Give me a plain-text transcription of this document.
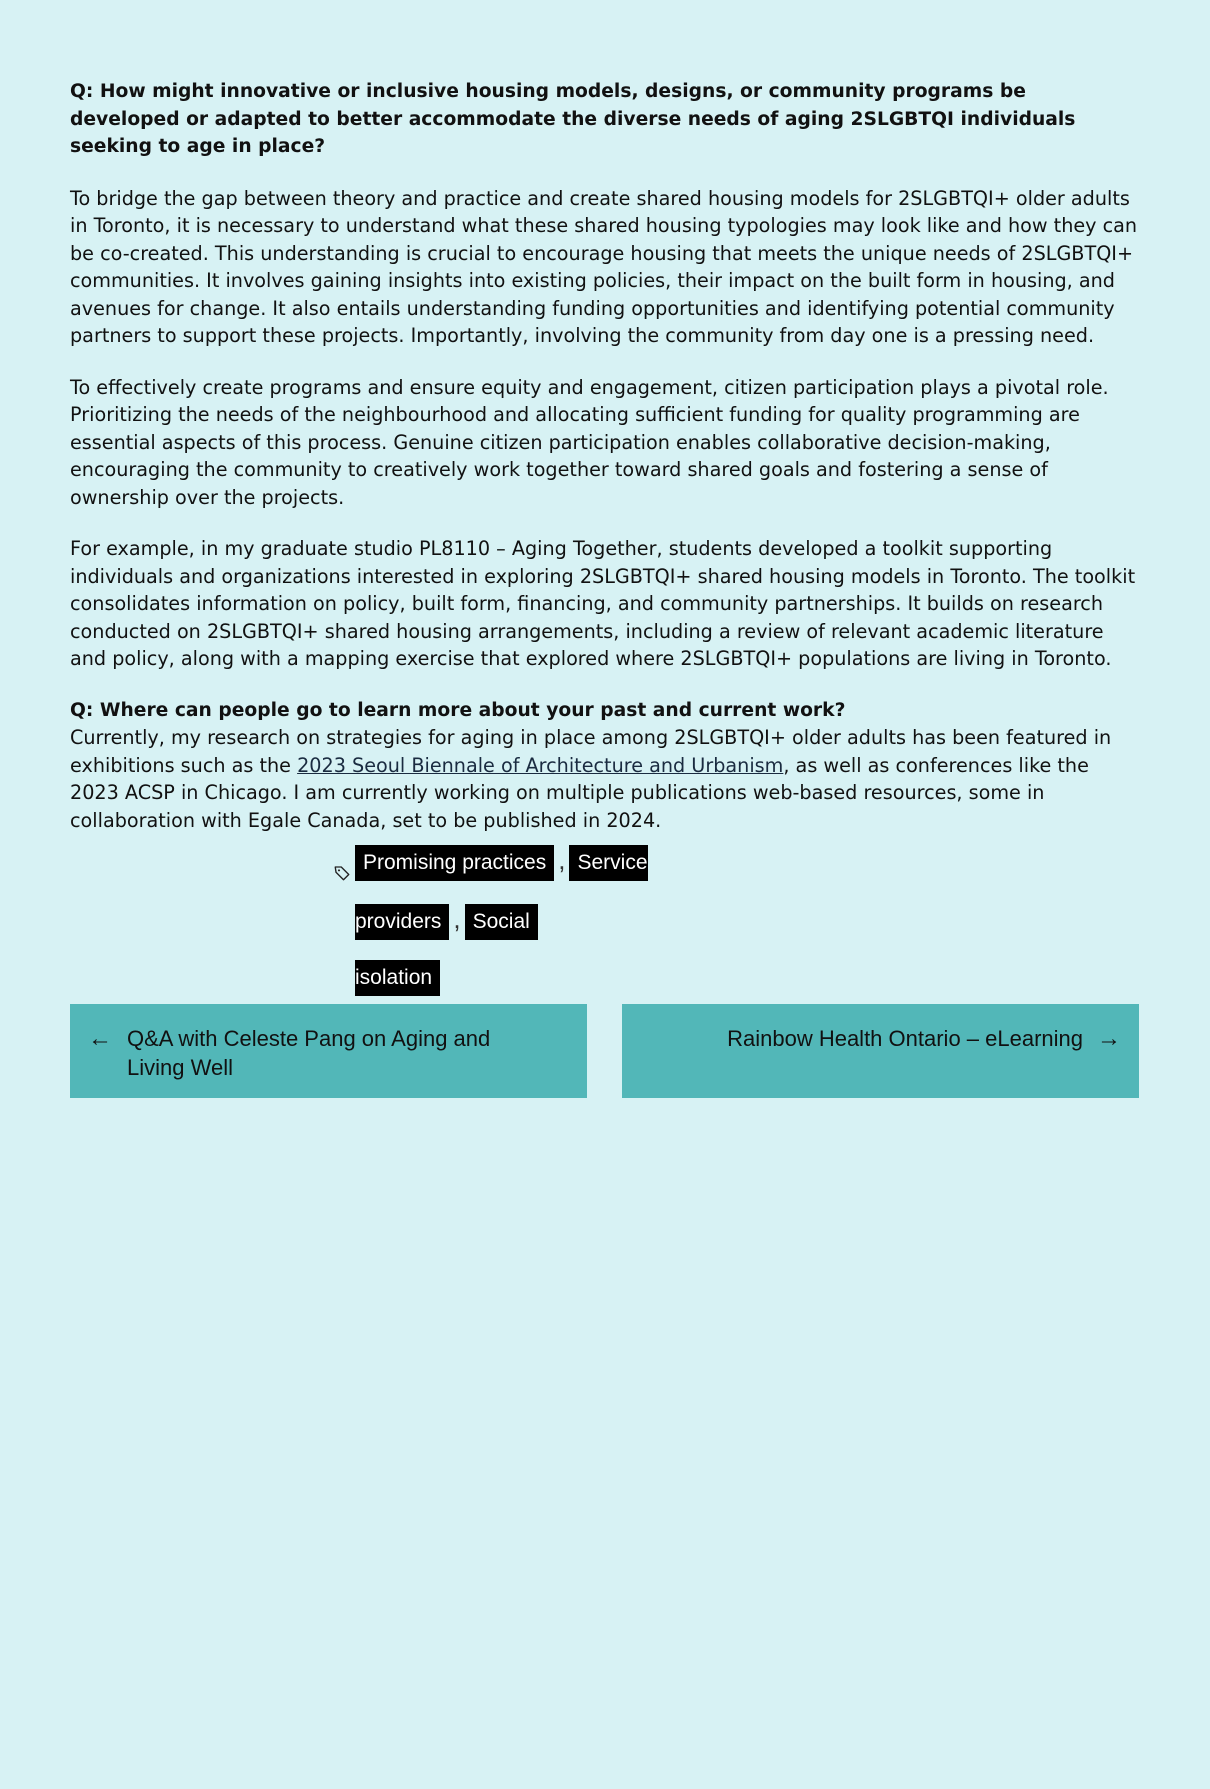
Q: How might innovative or inclusive housing models, designs, or community programs be developed or adapted to better accommodate the diverse needs of aging 2SLGBTQI individuals seeking to age in place?

To bridge the gap between theory and practice and create shared housing models for 2SLGBTQI+ older adults in Toronto, it is necessary to understand what these shared housing typologies may look like and how they can be co-created. This understanding is crucial to encourage housing that meets the unique needs of 2SLGBTQI+ communities. It involves gaining insights into existing policies, their impact on the built form in housing, and avenues for change. It also entails understanding funding opportunities and identifying potential community partners to support these projects. Importantly, involving the community from day one is a pressing need.

To effectively create programs and ensure equity and engagement, citizen participation plays a pivotal role. Prioritizing the needs of the neighbourhood and allocating sufficient funding for quality programming are essential aspects of this process. Genuine citizen participation enables collaborative decision-making, encouraging the community to creatively work together toward shared goals and fostering a sense of ownership over the projects.

For example, in my graduate studio PL8110 – Aging Together, students developed a toolkit supporting individuals and organizations interested in exploring 2SLGBTQI+ shared housing models in Toronto. The toolkit consolidates information on policy, built form, financing, and community partnerships. It builds on research conducted on 2SLGBTQI+ shared housing arrangements, including a review of relevant academic literature and policy, along with a mapping exercise that explored where 2SLGBTQI+ populations are living in Toronto.

Q: Where can people go to learn more about your past and current work?

Currently, my research on strategies for aging in place among 2SLGBTQI+ older adults has been featured in exhibitions such as the 2023 Seoul Biennale of Architecture and Urbanism, as well as conferences like the 2023 ACSP in Chicago. I am currently working on multiple publications web-based resources, some in collaboration with Egale Canada, set to be published in 2024.

Promising practices , Service providers , Social
isolation
← Q&A with Celeste Pang on Aging and Living Well
Rainbow Health Ontario – eLearning →
